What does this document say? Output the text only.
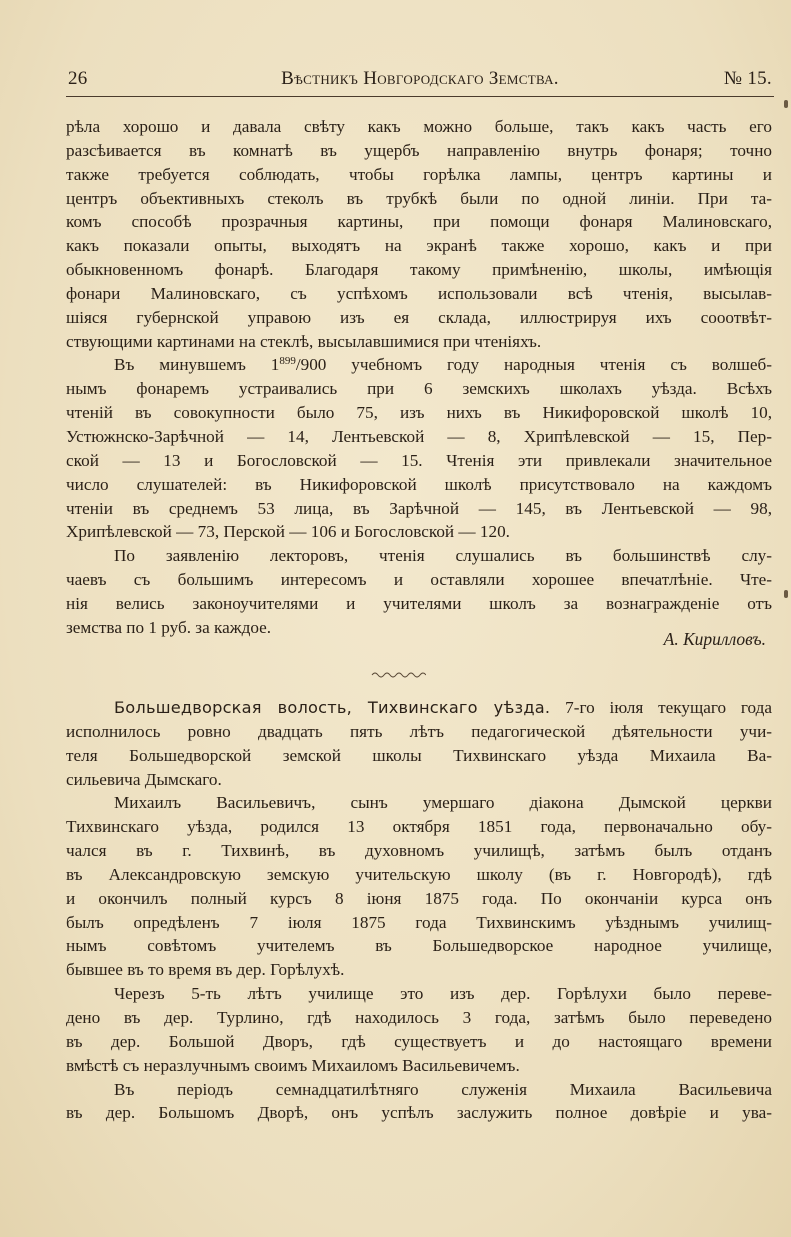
26	Вѣстникъ Новгородскаго Земства.	№ 15.
рѣла хорошо и давала свѣту какъ можно больше, такъ какъ часть его
разсѣивается въ комнатѣ въ ущербъ направленію внутрь фонаря; точно
также требуется соблюдать, чтобы горѣлка лампы, центръ картины и
центръ объективныхъ стеколъ въ трубкѣ были по одной линіи. При та-
комъ способѣ прозрачныя картины, при помощи фонаря Малиновскаго,
какъ показали опыты, выходятъ на экранѣ также хорошо, какъ и при
обыкновенномъ фонарѣ. Благодаря такому примѣненію, школы, имѣющія
фонари Малиновскаго, съ успѣхомъ использовали всѣ чтенія, высылав-
шіяся губернской управою изъ ея склада, иллюстрируя ихъ сооотвѣт-
ствующими картинами на стеклѣ, высылавшимися при чтеніяхъ.
Въ минувшемъ $1^{899}/900$ учебномъ году народныя чтенія съ волшеб-
нымъ фонаремъ устраивались при 6 земскихъ школахъ уѣзда. Всѣхъ
чтеній въ совокупности было 75, изъ нихъ въ Никифоровской школѣ 10,
Устюжнско-Зарѣчной — 14, Лентьевской — 8, Хрипѣлевской — 15, Пер-
ской — 13 и Богословской — 15. Чтенія эти привлекали значительное
число слушателей: въ Никифоровской школѣ присутствовало на каждомъ
чтеніи въ среднемъ 53 лица, въ Зарѣчной — 145, въ Лентьевской — 98,
Хрипѣлевской — 73, Перской — 106 и Богословской — 120.
По заявленію лекторовъ, чтенія слушались въ большинствѣ слу-
чаевъ съ большимъ интересомъ и оставляли хорошее впечатлѣніе. Чте-
нія велись законоучителями и учителями школъ за вознагражденіе отъ
земства по 1 руб. за каждое.
А. Кирилловъ.
Большедворская волость, Тихвинскаго уѣзда. 7-го іюля текущаго года
исполнилось ровно двадцать пять лѣтъ педагогической дѣятельности учи-
теля Большедворской земской школы Тихвинскаго уѣзда Михаила Ва-
сильевича Дымскаго.
Михаилъ Васильевичъ, сынъ умершаго діакона Дымской церкви
Тихвинскаго уѣзда, родился 13 октября 1851 года, первоначально обу-
чался въ г. Тихвинѣ, въ духовномъ училищѣ, затѣмъ былъ отданъ
въ Александровскую земскую учительскую школу (въ г. Новгородѣ), гдѣ
и окончилъ полный курсъ 8 іюня 1875 года. По окончаніи курса онъ
былъ опредѣленъ 7 іюля 1875 года Тихвинскимъ уѣзднымъ училищ-
нымъ совѣтомъ учителемъ въ Большедворское народное училище,
бывшее въ то время въ дер. Горѣлухѣ.
Черезъ 5-ть лѣтъ училище это изъ дер. Горѣлухи было переве-
дено въ дер. Турлино, гдѣ находилось 3 года, затѣмъ было переведено
въ дер. Большой Дворъ, гдѣ существуетъ и до настоящаго времени
вмѣстѣ съ неразлучнымъ своимъ Михаиломъ Васильевичемъ.
Въ періодъ семнадцатилѣтняго служенія Михаила Васильевича
въ дер. Большомъ Дворѣ, онъ успѣлъ заслужить полное довѣріе и ува-
